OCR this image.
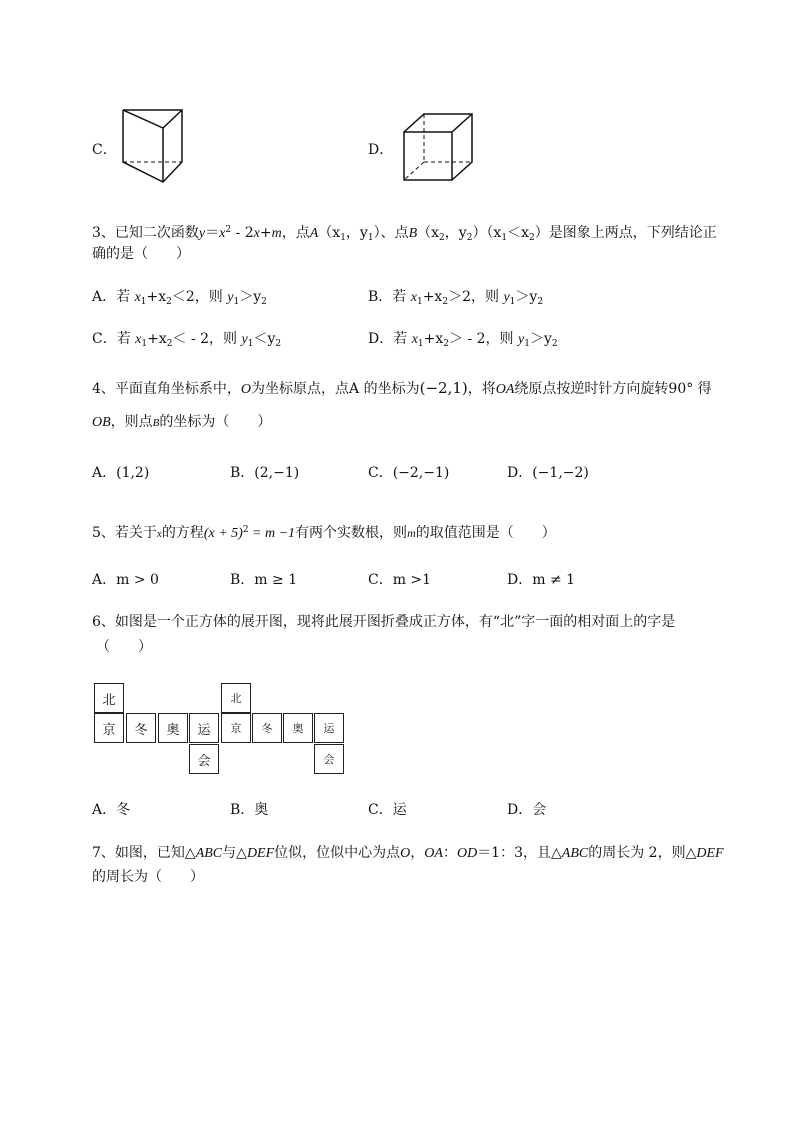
C．	D．
3、已知二次函数$y=x^2 - 2x+m$，点$A(x_1$，$y_1$）、点$B(x_2$，$y_2)(x_1<x_2)$是图象上两点，下列结论正
确的是（　　）
A．若 $x_1+x_2<2$，则 $y_1>y_2$	B．若 $x_1+x_2>2$，则 $y_1>y_2$
C．若 $x_1+x_2< - 2$，则 $y_1<y_2$	D．若 $x_1+x_2> - 2$，则 $y_1>y_2$
4、平面直角坐标系中，O为坐标原点，点A 的坐标为(−2,1)，将OA绕原点按逆时针方向旋转90° 得
OB，则点B的坐标为（　　）
A．(1,2)	B．(2,−1)	C．(−2,−1)	D．(−1,−2)
5、若关于x的方程$(x + 5)^2 = m -1$有两个实数根，则m的取值范围是（　　）
A．m > 0	B．m ≥ 1	C．m >1	D．m ≠ 1
6、如图是一个正方体的展开图，现将此展开图折叠成正方体，有“北”字一面的相对面上的字是
（　　）
北
京	冬	奥	运
会
北
京	冬	奥	运
会
A．冬	B．奥	C．运	D．会
7、如图，已知△ABC与△DEF位似，位似中心为点O，OA：OD＝1：3，且△ABC的周长为 2，则△DEF
的周长为（　　）
